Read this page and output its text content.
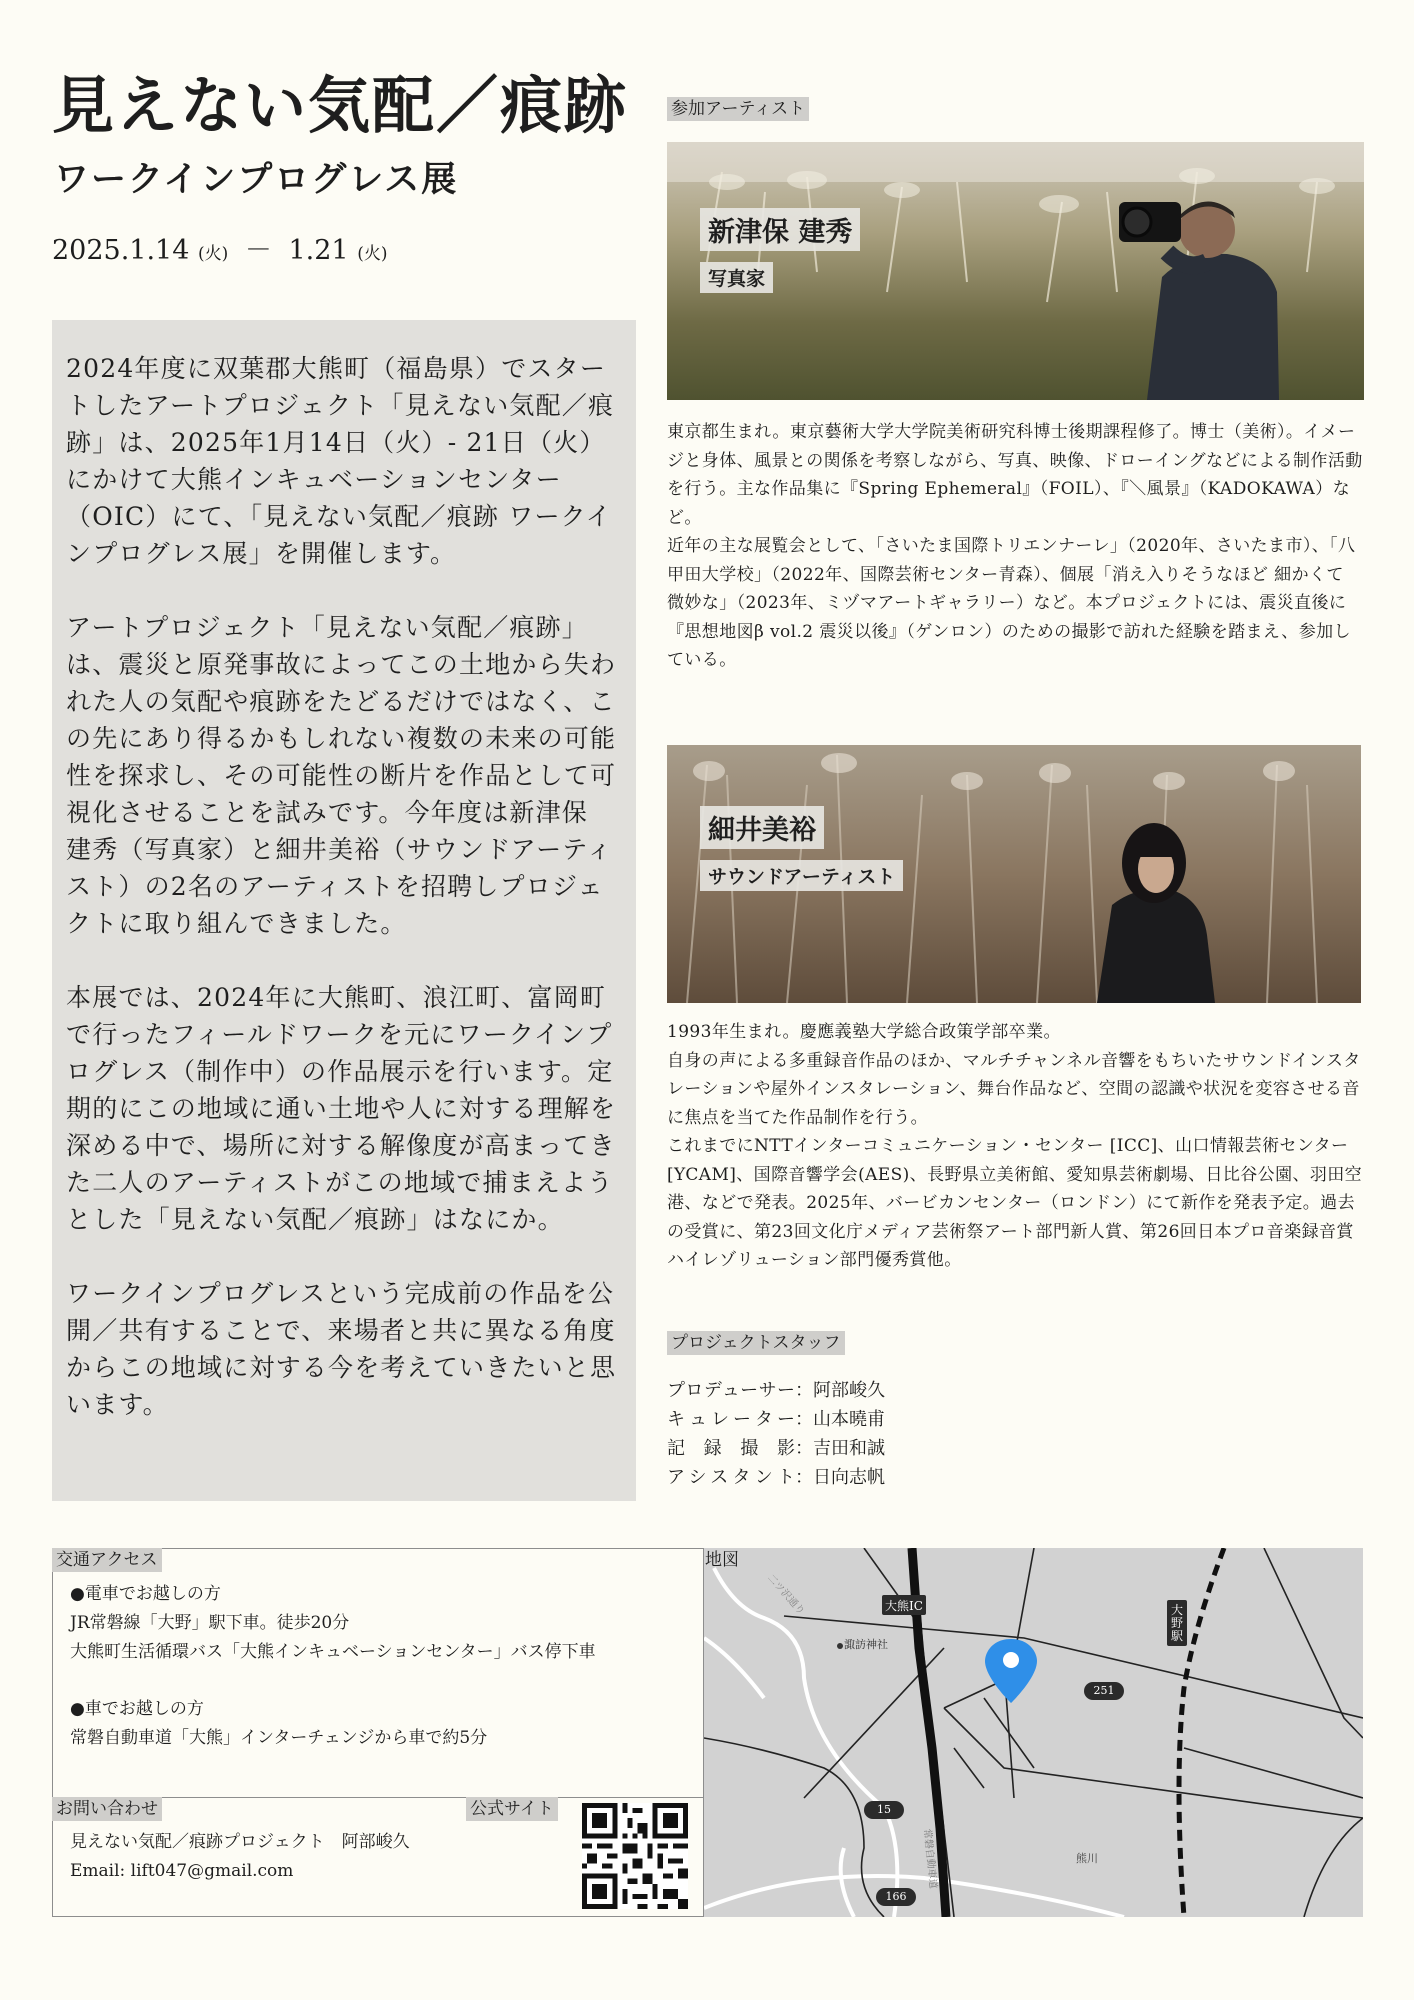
見えない気配／痕跡
ワークインプログレス展
2025.1.14 (火) － 1.21 (火)

2024年度に双葉郡大熊町（福島県）でスタートしたアートプロジェクト「見えない気配／痕跡」は、2025年1月14日（火）- 21日（火）にかけて大熊インキュベーションセンター（OIC）にて、「見えない気配／痕跡 ワークインプログレス展」を開催します。

アートプロジェクト「見えない気配／痕跡」は、震災と原発事故によってこの土地から失われた人の気配や痕跡をたどるだけではなく、この先にあり得るかもしれない複数の未来の可能性を探求し、その可能性の断片を作品として可視化させることを試みです。今年度は新津保 建秀（写真家）と細井美裕（サウンドアーティスト）の2名のアーティストを招聘しプロジェクトに取り組んできました。

本展では、2024年に大熊町、浪江町、富岡町で行ったフィールドワークを元にワークインプログレス（制作中）の作品展示を行います。定期的にこの地域に通い土地や人に対する理解を深める中で、場所に対する解像度が高まってきた二人のアーティストがこの地域で捕まえようとした「見えない気配／痕跡」はなにか。

ワークインプログレスという完成前の作品を公開／共有することで、来場者と共に異なる角度からこの地域に対する今を考えていきたいと思います。

参加アーティスト
新津保 建秀
写真家

東京都生まれ。東京藝術大学大学院美術研究科博士後期課程修了。博士（美術）。イメージと身体、風景との関係を考察しながら、写真、映像、ドローイングなどによる制作活動を行う。主な作品集に『Spring Ephemeral』（FOIL）、『＼風景』（KADOKAWA）など。

近年の主な展覧会として、「さいたま国際トリエンナーレ」（2020年、さいたま市）、「八甲田大学校」（2022年、国際芸術センター青森）、個展「消え入りそうなほど 細かくて 微妙な」（2023年、ミヅマアートギャラリー）など。本プロジェクトには、震災直後に『思想地図β vol.2 震災以後』（ゲンロン）のための撮影で訪れた経験を踏まえ、参加している。

細井美裕
サウンドアーティスト

1993年生まれ。慶應義塾大学総合政策学部卒業。

自身の声による多重録音作品のほか、マルチチャンネル音響をもちいたサウンドインスタレーションや屋外インスタレーション、舞台作品など、空間の認識や状況を変容させる音に焦点を当てた作品制作を行う。

これまでにNTTインターコミュニケーション・センター [ICC]、山口情報芸術センター[YCAM]、国際音響学会(AES)、長野県立美術館、愛知県芸術劇場、日比谷公園、羽田空港、などで発表。2025年、バービカンセンター（ロンドン）にて新作を発表予定。過去の受賞に、第23回文化庁メディア芸術祭アート部門新人賞、第26回日本プロ音楽録音賞ハイレゾリューション部門優秀賞他。

プロジェクトスタッフ
プロデューサー：阿部峻久
キュレーター：山本曉甫
記録撮影：吉田和誠
アシスタント：日向志帆
交通アクセス
●電車でお越しの方
JR常磐線「大野」駅下車。徒歩20分
大熊町生活循環バス「大熊インキュベーションセンター」バス停下車
●車でお越しの方
常磐自動車道「大熊」インターチェンジから車で約5分
お問い合わせ
見えない気配／痕跡プロジェクト　阿部峻久
Email: lift047@gmail.com
公式サイト
大熊IC	大野駅
諏訪神社
251
15
166
熊川
常磐自動車道
二ツ沢通り
地図
